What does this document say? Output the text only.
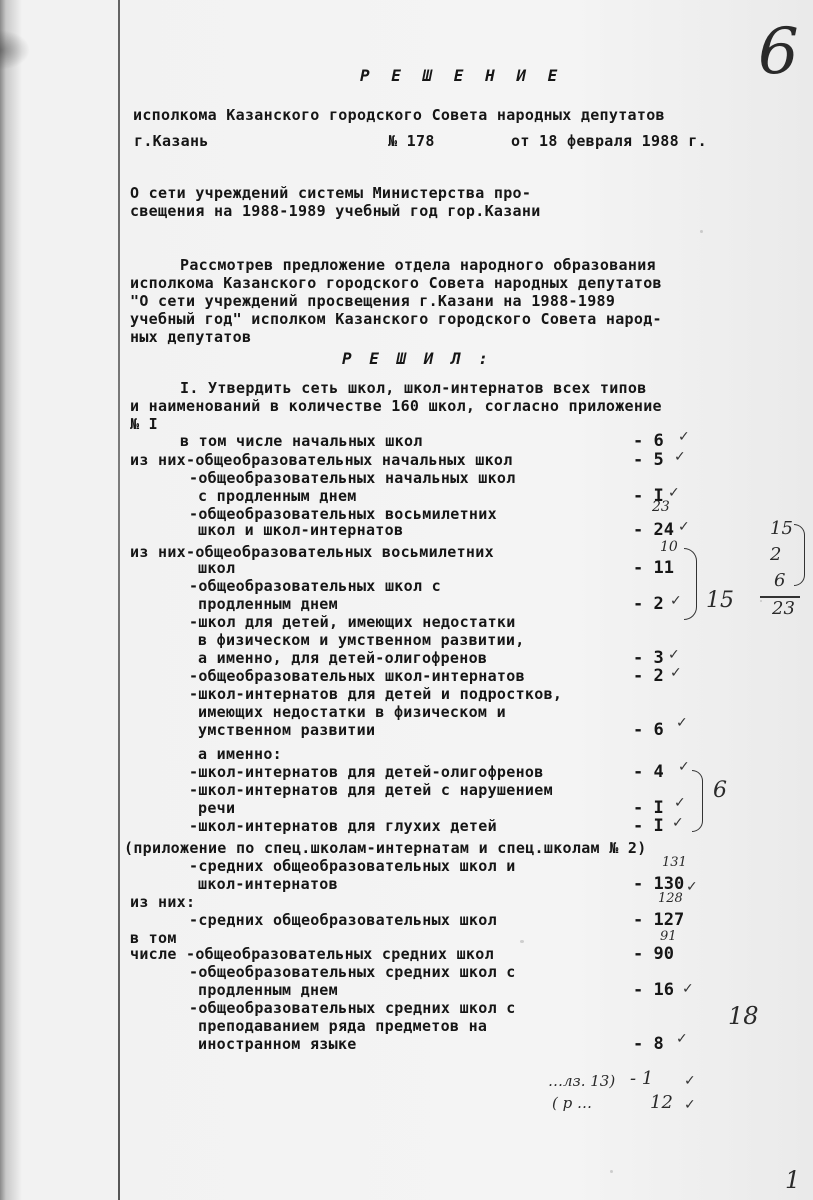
Р Е Ш Е Н И Е
исполкома Казанского городского Совета народных депутатов
г.Казань	№ 178	от 18 февраля 1988 г.
О сети учреждений системы Министерства про-
свещения на 1988-1989 учебный год гор.Казани
Рассмотрев предложение отдела народного образования
исполкома Казанского городского Совета народных депутатов
"О сети учреждений просвещения г.Казани на 1988-1989
учебный год" исполком Казанского городского Совета народ-
ных депутатов
Р Е Ш И Л :
I. Утвердить сеть школ, школ-интернатов всех типов
и наименований в количестве 160 школ, согласно приложение
№ I
в том числе начальных школ	- 6
из них-общеобразовательных начальных школ	- 5
-общеобразовательных начальных школ
с продленным днем	- I
-общеобразовательных восьмилетних
школ и школ-интернатов	- 24
из них-общеобразовательных восьмилетних
школ	- 11
-общеобразовательных школ с
продленным днем	- 2
-школ для детей, имеющих недостатки
в физическом и умственном развитии,
а именно, для детей-олигофренов	- 3
-общеобразовательных школ-интернатов	- 2
-школ-интернатов для детей и подростков,
имеющих недостатки в физическом и
умственном развитии	- 6
а именно:
-школ-интернатов для детей-олигофренов	- 4
-школ-интернатов для детей с нарушением
речи	- I
-школ-интернатов для глухих детей	- I
(приложение по спец.школам-интернатам и спец.школам № 2)
-средних общеобразовательных школ и
школ-интернатов	- 130
из них:
-средних общеобразовательных школ	- 127
в том
числе -общеобразовательных средних школ	- 90
-общеобразовательных средних школ с
продленным днем	- 16
-общеобразовательных средних школ с
преподаванием ряда предметов на
иностранном языке	- 8
6
23
10
15
15
2
6
23
6
131
128
91
18
…лз. 13) - 1
( р …	12
1
✓
✓
✓
✓
✓
✓
✓
✓
✓
✓
✓
✓
✓
✓
✓
✓
